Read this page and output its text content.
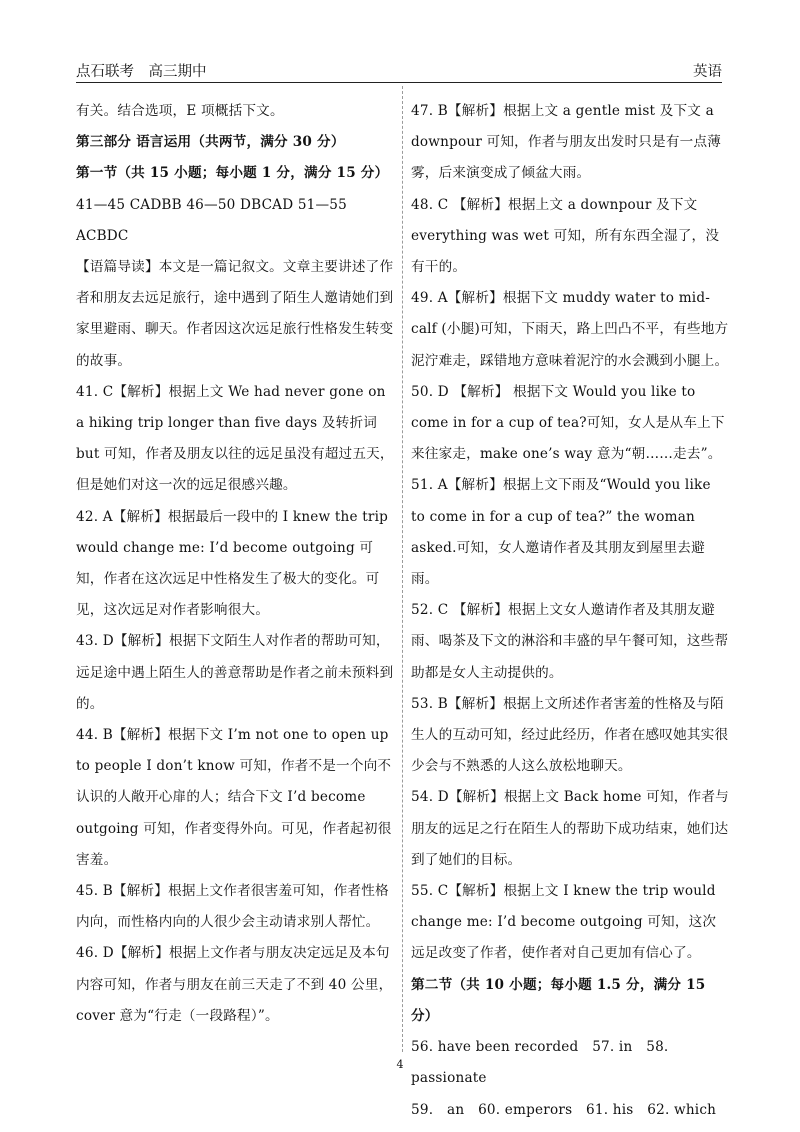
点石联考　高三期中	英语

有关。结合选项，E 项概括下文。

第三部分 语言运用（共两节，满分 30 分）

第一节（共 15 小题；每小题 1 分，满分 15 分）

41—45 CADBB 46—50 DBCAD 51—55 ACBDC

【语篇导读】本文是一篇记叙文。文章主要讲述了作者和朋友去远足旅行，途中遇到了陌生人邀请她们到家里避雨、聊天。作者因这次远足旅行性格发生转变的故事。

41. C【解析】根据上文 We had never gone on a hiking trip longer than five days 及转折词 but 可知，作者及朋友以往的远足虽没有超过五天，但是她们对这一次的远足很感兴趣。

42. A【解析】根据最后一段中的 I knew the trip would change me: I’d become outgoing 可知，作者在这次远足中性格发生了极大的变化。可见，这次远足对作者影响很大。

43. D【解析】根据下文陌生人对作者的帮助可知，远足途中遇上陌生人的善意帮助是作者之前未预料到的。

44. B【解析】根据下文 I’m not one to open up to people I don’t know 可知，作者不是一个向不认识的人敞开心扉的人；结合下文 I’d become outgoing 可知，作者变得外向。可见，作者起初很害羞。

45. B【解析】根据上文作者很害羞可知，作者性格内向，而性格内向的人很少会主动请求别人帮忙。

46. D【解析】根据上文作者与朋友决定远足及本句内容可知，作者与朋友在前三天走了不到 40 公里，cover 意为“行走（一段路程）”。

47. B【解析】根据上文 a gentle mist 及下文 a downpour 可知，作者与朋友出发时只是有一点薄雾，后来演变成了倾盆大雨。

48. C 【解析】根据上文 a downpour 及下文 everything was wet 可知，所有东西全湿了，没有干的。

49. A【解析】根据下文 muddy water to mid-calf (小腿)可知，下雨天，路上凹凸不平，有些地方泥泞难走，踩错地方意味着泥泞的水会溅到小腿上。

50. D 【解析】 根据下文 Would you like to come in for a cup of tea?可知，女人是从车上下来往家走，make one’s way 意为“朝……走去”。

51. A【解析】根据上文下雨及“Would you like to come in for a cup of tea?” the woman asked.可知，女人邀请作者及其朋友到屋里去避雨。

52. C 【解析】根据上文女人邀请作者及其朋友避雨、喝茶及下文的淋浴和丰盛的早午餐可知，这些帮助都是女人主动提供的。

53. B【解析】根据上文所述作者害羞的性格及与陌生人的互动可知，经过此经历，作者在感叹她其实很少会与不熟悉的人这么放松地聊天。

54. D【解析】根据上文 Back home 可知，作者与朋友的远足之行在陌生人的帮助下成功结束，她们达到了她们的目标。

55. C【解析】根据上文 I knew the trip would change me: I’d become outgoing 可知，这次远足改变了作者，使作者对自己更加有信心了。

第二节（共 10 小题；每小题 1.5 分，满分 15 分）

56. have been recorded　57. in　58. passionate

59.　an　60. emperors　61. his　62. which

4
